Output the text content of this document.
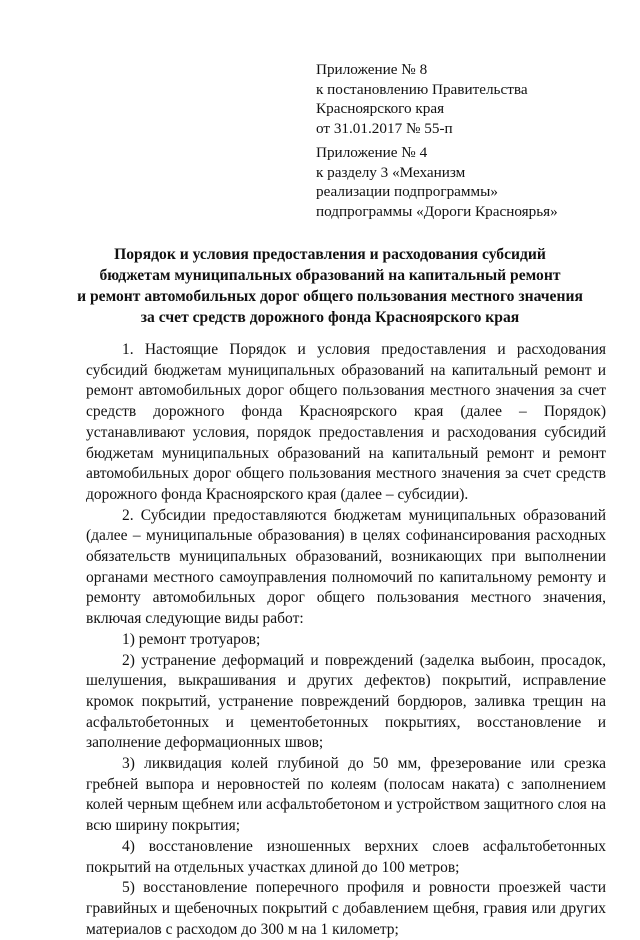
Приложение № 8
к постановлению Правительства
Красноярского края
от 31.01.2017 № 55-п
Приложение № 4
к разделу 3 «Механизм
реализации подпрограммы»
подпрограммы «Дороги Красноярья»
Порядок и условия предоставления и расходования субсидий
бюджетам муниципальных образований на капитальный ремонт
и ремонт автомобильных дорог общего пользования местного значения
за счет средств дорожного фонда Красноярского края
1. Настоящие Порядок и условия предоставления и расходования субсидий бюджетам муниципальных образований на капитальный ремонт и ремонт автомобильных дорог общего пользования местного значения за счет средств дорожного фонда Красноярского края (далее – Порядок) устанавливают условия, порядок предоставления и расходования субсидий бюджетам муниципальных образований на капитальный ремонт и ремонт автомобильных дорог общего пользования местного значения за счет средств дорожного фонда Красноярского края (далее – субсидии).
2. Субсидии предоставляются бюджетам муниципальных образований (далее – муниципальные образования) в целях софинансирования расходных обязательств муниципальных образований, возникающих при выполнении органами местного самоуправления полномочий по капитальному ремонту и ремонту автомобильных дорог общего пользования местного значения, включая следующие виды работ:
1) ремонт тротуаров;
2) устранение деформаций и повреждений (заделка выбоин, просадок, шелушения, выкрашивания и других дефектов) покрытий, исправление кромок покрытий, устранение повреждений бордюров, заливка трещин на асфальтобетонных и цементобетонных покрытиях, восстановление и заполнение деформационных швов;
3) ликвидация колей глубиной до 50 мм, фрезерование или срезка гребней выпора и неровностей по колеям (полосам наката) с заполнением колей черным щебнем или асфальтобетоном и устройством защитного слоя на всю ширину покрытия;
4) восстановление изношенных верхних слоев асфальтобетонных покрытий на отдельных участках длиной до 100 метров;
5) восстановление поперечного профиля и ровности проезжей части гравийных и щебеночных покрытий с добавлением щебня, гравия или других материалов с расходом до 300 м на 1 километр;
